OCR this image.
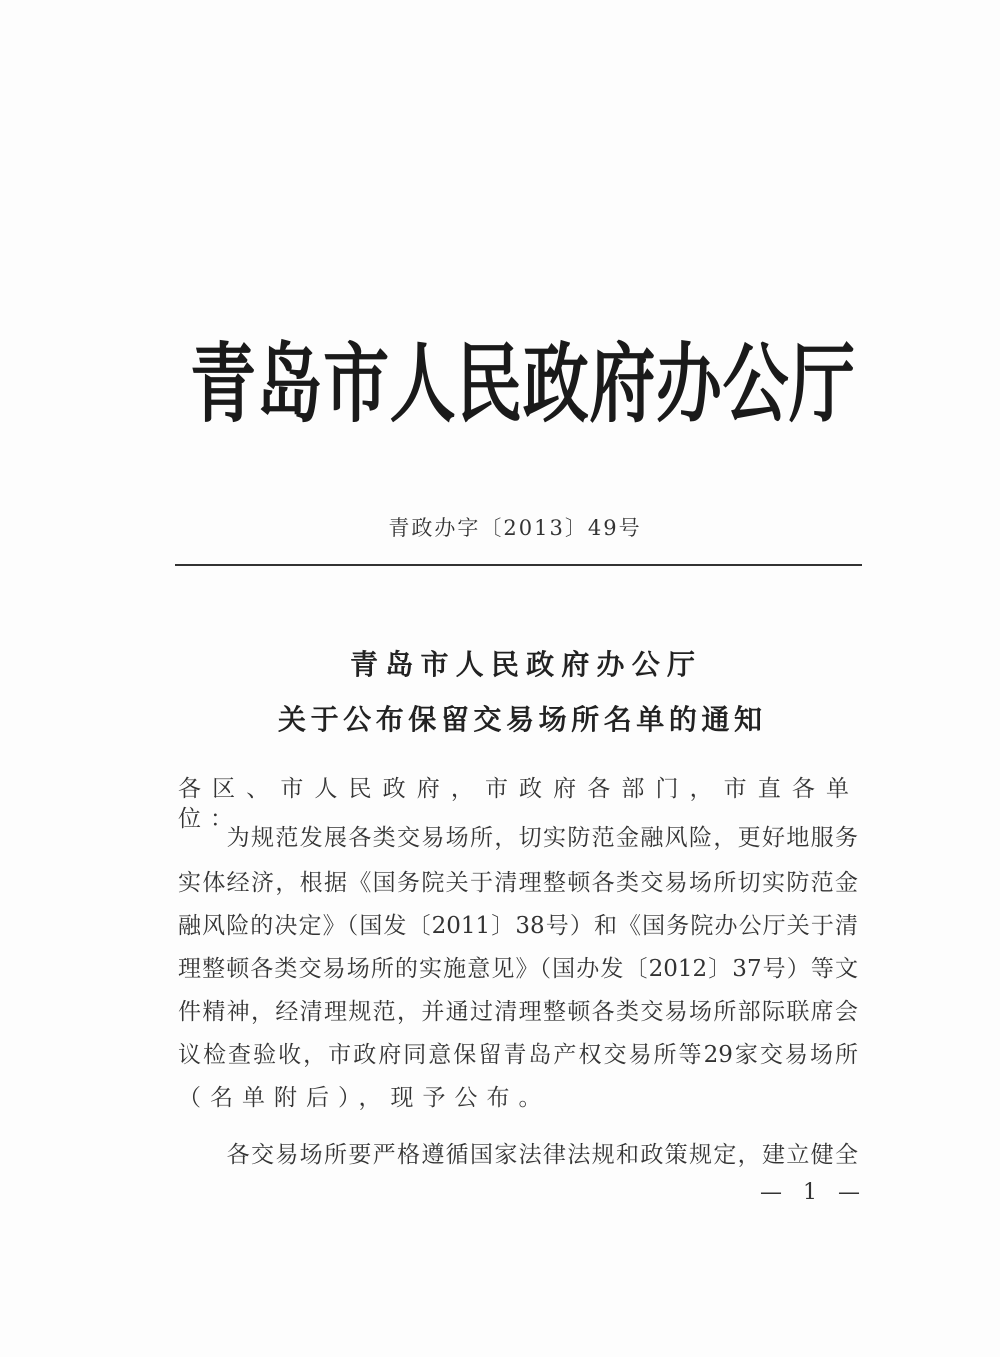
青岛市人民政府办公厅
青政办字〔2013〕49号
青岛市人民政府办公厅
关于公布保留交易场所名单的通知
各区、市人民政府，市政府各部门，市直各单位：
　　为规范发展各类交易场所，切实防范金融风险，更好地服务
实体经济，根据《国务院关于清理整顿各类交易场所切实防范金
融风险的决定》（国发〔2011〕38号）和《国务院办公厅关于清
理整顿各类交易场所的实施意见》（国办发〔2012〕37号）等文
件精神，经清理规范，并通过清理整顿各类交易场所部际联席会
议检查验收，市政府同意保留青岛产权交易所等29家交易场所
（名单附后），现予公布。
　　各交易场所要严格遵循国家法律法规和政策规定，建立健全
— 1 —
